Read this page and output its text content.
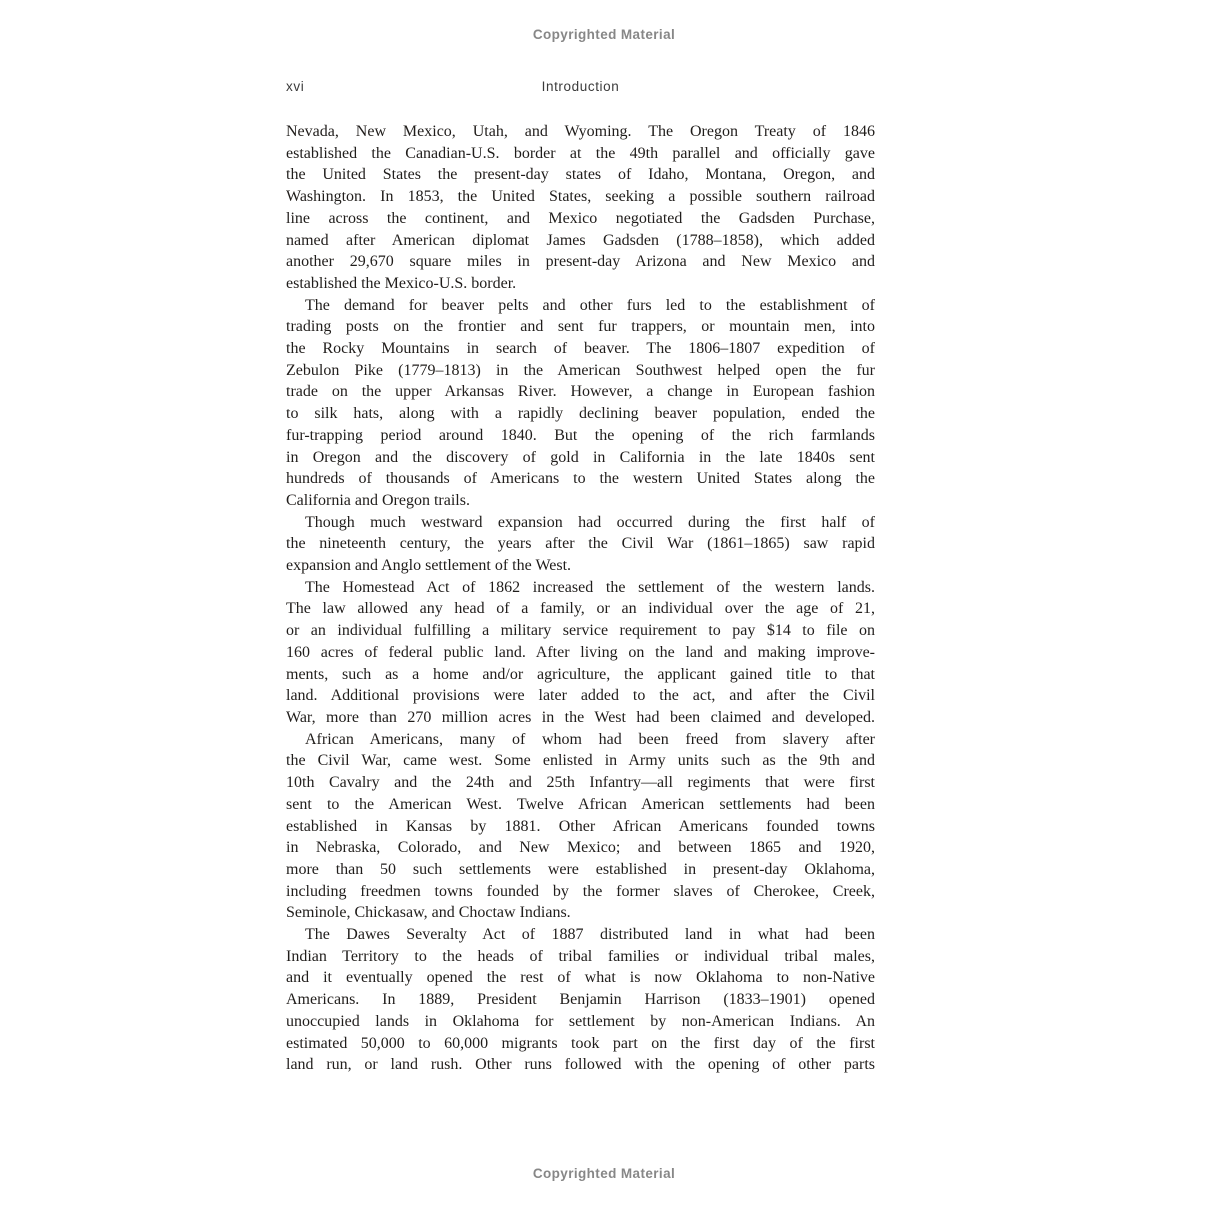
Copyrighted Material
xvi	Introduction
Nevada, New Mexico, Utah, and Wyoming. The Oregon Treaty of 1846
established the Canadian-U.S. border at the 49th parallel and officially gave
the United States the present-day states of Idaho, Montana, Oregon, and
Washington. In 1853, the United States, seeking a possible southern railroad
line across the continent, and Mexico negotiated the Gadsden Purchase,
named after American diplomat James Gadsden (1788–1858), which added
another 29,670 square miles in present-day Arizona and New Mexico and
established the Mexico-U.S. border.
The demand for beaver pelts and other furs led to the establishment of
trading posts on the frontier and sent fur trappers, or mountain men, into
the Rocky Mountains in search of beaver. The 1806–1807 expedition of
Zebulon Pike (1779–1813) in the American Southwest helped open the fur
trade on the upper Arkansas River. However, a change in European fashion
to silk hats, along with a rapidly declining beaver population, ended the
fur-trapping period around 1840. But the opening of the rich farmlands
in Oregon and the discovery of gold in California in the late 1840s sent
hundreds of thousands of Americans to the western United States along the
California and Oregon trails.
Though much westward expansion had occurred during the first half of
the nineteenth century, the years after the Civil War (1861–1865) saw rapid
expansion and Anglo settlement of the West.
The Homestead Act of 1862 increased the settlement of the western lands.
The law allowed any head of a family, or an individual over the age of 21,
or an individual fulfilling a military service requirement to pay $14 to file on
160 acres of federal public land. After living on the land and making improve-
ments, such as a home and/or agriculture, the applicant gained title to that
land. Additional provisions were later added to the act, and after the Civil
War, more than 270 million acres in the West had been claimed and developed.
African Americans, many of whom had been freed from slavery after
the Civil War, came west. Some enlisted in Army units such as the 9th and
10th Cavalry and the 24th and 25th Infantry—all regiments that were first
sent to the American West. Twelve African American settlements had been
established in Kansas by 1881. Other African Americans founded towns
in Nebraska, Colorado, and New Mexico; and between 1865 and 1920,
more than 50 such settlements were established in present-day Oklahoma,
including freedmen towns founded by the former slaves of Cherokee, Creek,
Seminole, Chickasaw, and Choctaw Indians.
The Dawes Severalty Act of 1887 distributed land in what had been
Indian Territory to the heads of tribal families or individual tribal males,
and it eventually opened the rest of what is now Oklahoma to non-Native
Americans. In 1889, President Benjamin Harrison (1833–1901) opened
unoccupied lands in Oklahoma for settlement by non-American Indians. An
estimated 50,000 to 60,000 migrants took part on the first day of the first
land run, or land rush. Other runs followed with the opening of other parts
Copyrighted Material
